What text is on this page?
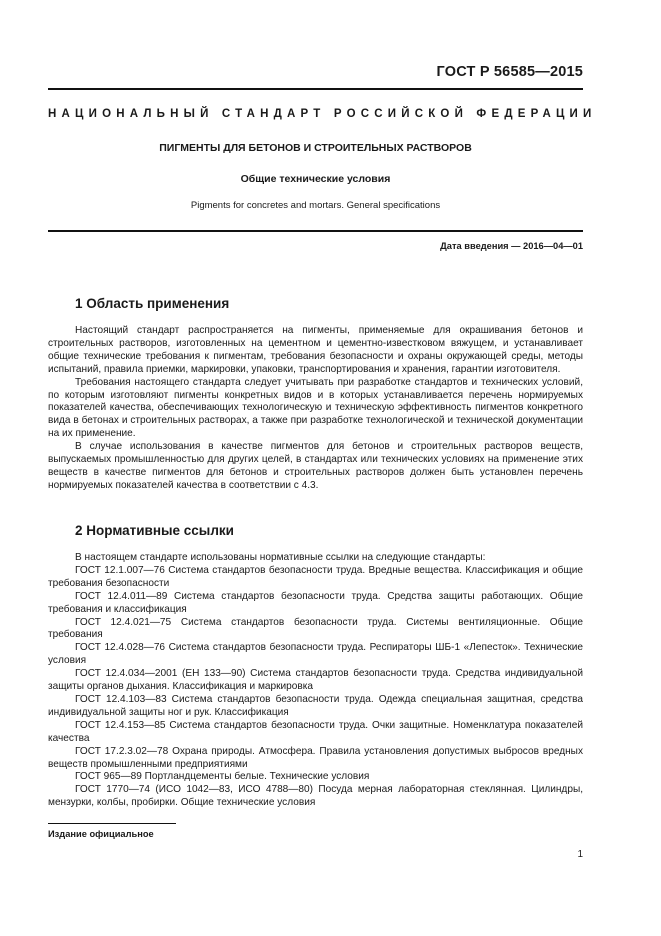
ГОСТ Р 56585—2015
НАЦИОНАЛЬНЫЙ СТАНДАРТ РОССИЙСКОЙ ФЕДЕРАЦИИ
ПИГМЕНТЫ ДЛЯ БЕТОНОВ И СТРОИТЕЛЬНЫХ РАСТВОРОВ
Общие технические условия
Pigments for concretes and mortars. General specifications
Дата введения — 2016—04—01
1 Область применения

Настоящий стандарт распространяется на пигменты, применяемые для окрашивания бетонов и строительных растворов, изготовленных на цементном и цементно-известковом вяжущем, и устанавливает общие технические требования к пигментам, требования безопасности и охраны окружающей среды, методы испытаний, правила приемки, маркировки, упаковки, транспортирования и хранения, гарантии изготовителя.

Требования настоящего стандарта следует учитывать при разработке стандартов и технических условий, по которым изготовляют пигменты конкретных видов и в которых устанавливается перечень нормируемых показателей качества, обеспечивающих технологическую и техническую эффективность пигментов конкретного вида в бетонах и строительных растворах, а также при разработке технологической и технической документации на их применение.

В случае использования в качестве пигментов для бетонов и строительных растворов веществ, выпускаемых промышленностью для других целей, в стандартах или технических условиях на применение этих веществ в качестве пигментов для бетонов и строительных растворов должен быть установлен перечень нормируемых показателей качества в соответствии с 4.3.

2 Нормативные ссылки

В настоящем стандарте использованы нормативные ссылки на следующие стандарты:

ГОСТ 12.1.007—76 Система стандартов безопасности труда. Вредные вещества. Классификация и общие требования безопасности

ГОСТ 12.4.011—89 Система стандартов безопасности труда. Средства защиты работающих. Общие требования и классификация

ГОСТ 12.4.021—75 Система стандартов безопасности труда. Системы вентиляционные. Общие требования

ГОСТ 12.4.028—76 Система стандартов безопасности труда. Респираторы ШБ-1 «Лепесток». Технические условия

ГОСТ 12.4.034—2001 (ЕН 133—90) Система стандартов безопасности труда. Средства индивидуальной защиты органов дыхания. Классификация и маркировка

ГОСТ 12.4.103—83 Система стандартов безопасности труда. Одежда специальная защитная, средства индивидуальной защиты ног и рук. Классификация

ГОСТ 12.4.153—85 Система стандартов безопасности труда. Очки защитные. Номенклатура показателей качества

ГОСТ 17.2.3.02—78 Охрана природы. Атмосфера. Правила установления допустимых выбросов вредных веществ промышленными предприятиями

ГОСТ 965—89 Портландцементы белые. Технические условия

ГОСТ 1770—74 (ИСО 1042—83, ИСО 4788—80) Посуда мерная лабораторная стеклянная. Цилиндры, мензурки, колбы, пробирки. Общие технические условия

Издание официальное
1
